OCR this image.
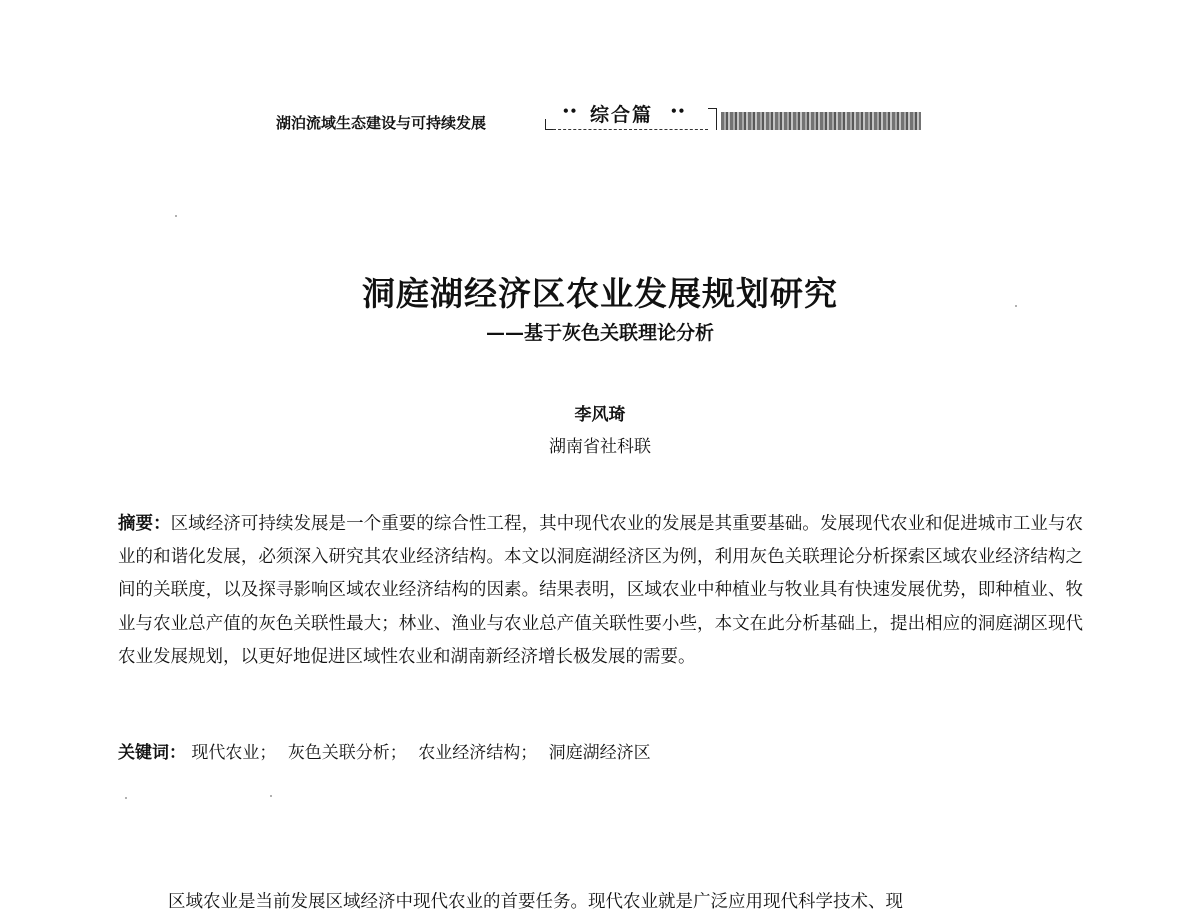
湖泊流域生态建设与可持续发展
•• 综合篇 ••
洞庭湖经济区农业发展规划研究
——基于灰色关联理论分析
李风琦
湖南省社科联
摘要：区域经济可持续发展是一个重要的综合性工程，其中现代农业的发展是其重要基础。发展现代农业和促进城市工业与农业的和谐化发展，必须深入研究其农业经济结构。本文以洞庭湖经济区为例，利用灰色关联理论分析探索区域农业经济结构之间的关联度，以及探寻影响区域农业经济结构的因素。结果表明，区域农业中种植业与牧业具有快速发展优势，即种植业、牧业与农业总产值的灰色关联性最大；林业、渔业与农业总产值关联性要小些，本文在此分析基础上，提出相应的洞庭湖区现代农业发展规划，以更好地促进区域性农业和湖南新经济增长极发展的需要。
关键词： 现代农业； 灰色关联分析； 农业经济结构； 洞庭湖经济区
区域农业是当前发展区域经济中现代农业的首要任务。现代农业就是广泛应用现代科学技术、现
